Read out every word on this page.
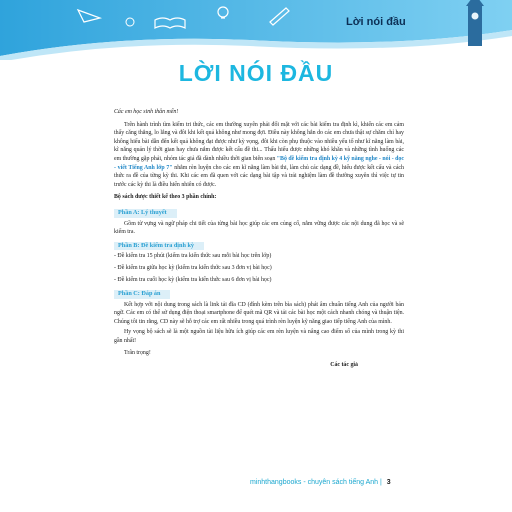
Lời nói đầu
LỜI NÓI ĐẦU
Các em học sinh thân mến!

Trên hành trình tìm kiếm tri thức, các em thường xuyên phải đối mặt với các bài kiểm tra định kì, khiến các em cảm thấy căng thẳng, lo lắng và đôi khi kết quả không như mong đợi. Điều này không hẳn do các em chưa thật sự chăm chỉ hay không hiểu bài dẫn đến kết quả không đạt được như kỳ vọng, đôi khi còn phụ thuộc vào nhiều yếu tố như kĩ năng làm bài, kĩ năng quản lý thời gian hay chưa nắm được kết cấu đề thi... Thấu hiểu được những khó khăn và những tình huống các em thường gặp phải, nhóm tác giả đã dành nhiều thời gian biên soạn "Bộ đề kiểm tra định kỳ 4 kỹ năng nghe - nói - đọc - viết Tiếng Anh lớp 7" nhằm rèn luyện cho các em kĩ năng làm bài thi, làm chủ các dạng đề, hiểu được kết cấu và cách thức ra đề của từng kỳ thi. Khi các em đã quen với các dạng bài tập và trải nghiệm làm đề thường xuyên thì việc tự tin trước các kỳ thi là điều hiển nhiên có được.

Bộ sách được thiết kế theo 3 phần chính:
Phần A: Lý thuyết

Gồm từ vựng và ngữ pháp chi tiết của từng bài học giúp các em củng cố, nắm vững được các nội dung đã học và sẽ kiểm tra.

Phần B: Đề kiểm tra định kỳ
- Đề kiểm tra 15 phút (kiểm tra kiến thức sau mỗi bài học trên lớp)
- Đề kiểm tra giữa học kỳ (kiểm tra kiến thức sau 3 đơn vị bài học)
- Đề kiểm tra cuối học kỳ (kiểm tra kiến thức sau 6 đơn vị bài học)
Phần C: Đáp án

Kết hợp với nội dung trong sách là link tải đĩa CD (đính kèm trên bìa sách) phát âm chuẩn tiếng Anh của người bản ngữ. Các em có thể sử dụng điện thoại smartphone để quét mã QR và tải các bài học một cách nhanh chóng và thuận tiện. Chúng tôi tin rằng, CD này sẽ hỗ trợ các em rất nhiều trong quá trình rèn luyện kỹ năng giao tiếp tiếng Anh của mình.

Hy vọng bộ sách sẽ là một nguồn tài liệu hữu ích giúp các em rèn luyện và nâng cao điểm số của mình trong kỳ thi gần nhất!

Trân trọng!
Các tác giả
minhthangbooks - chuyên sách tiếng Anh | 3
